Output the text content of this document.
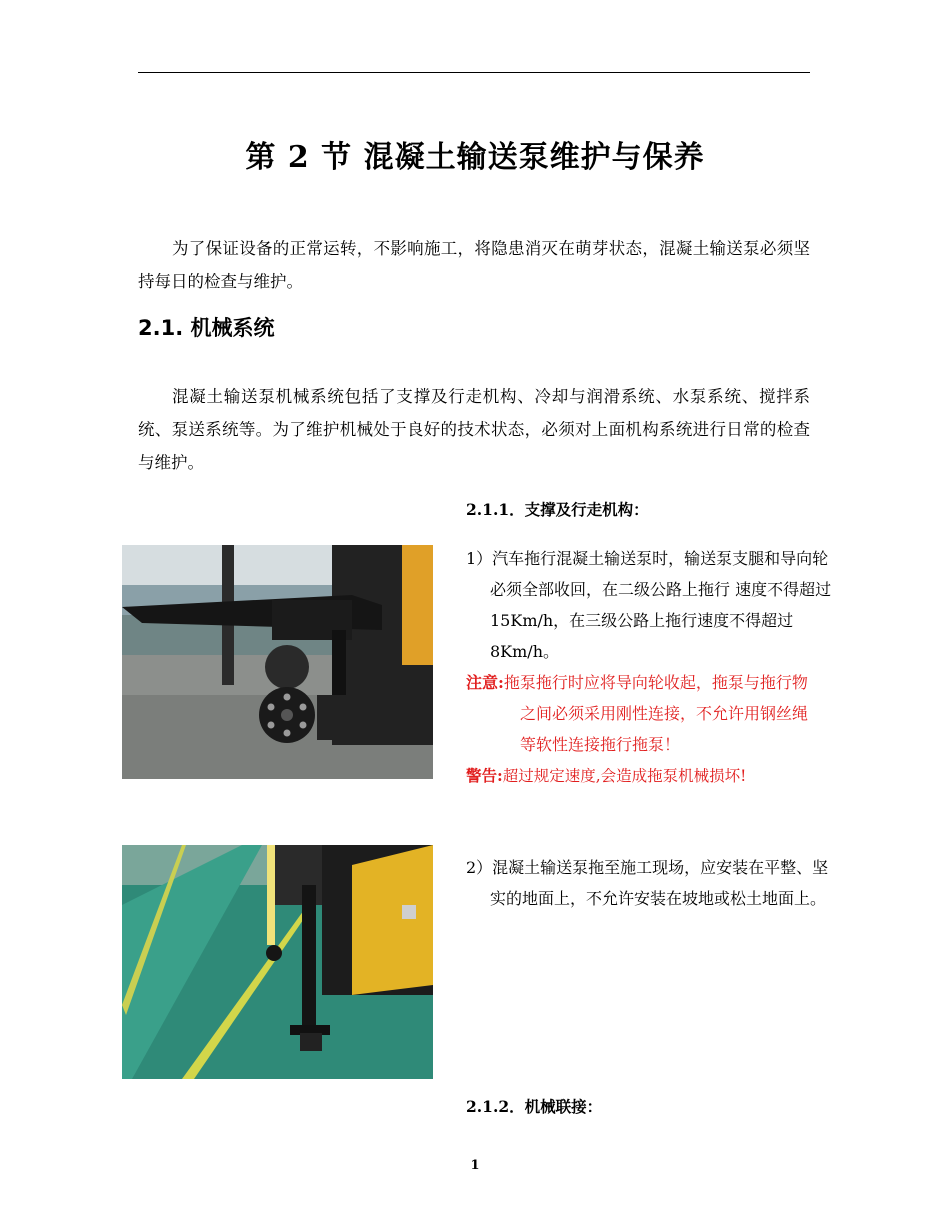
第 2 节 混凝土输送泵维护与保养
为了保证设备的正常运转，不影响施工，将隐患消灭在萌芽状态，混凝土输送泵必须坚持每日的检查与维护。
2.1. 机械系统
混凝土输送泵机械系统包括了支撑及行走机构、冷却与润滑系统、水泵系统、搅拌系统、泵送系统等。为了维护机械处于良好的技术状态，必须对上面机构系统进行日常的检查与维护。
2.1.1．支撑及行走机构：
1）汽车拖行混凝土输送泵时，输送泵支腿和导向轮必须全部收回，在二级公路上拖行 速度不得超过 15Km/h，在三级公路上拖行速度不得超过 8Km/h。
注意:拖泵拖行时应将导向轮收起，拖泵与拖行物之间必须采用刚性连接，不允许用钢丝绳等软性连接拖行拖泵！
警告:超过规定速度,会造成拖泵机械损坏!
2）混凝土输送泵拖至施工现场，应安装在平整、坚实的地面上，不允许安装在坡地或松土地面上。
2.1.2．机械联接：
1
